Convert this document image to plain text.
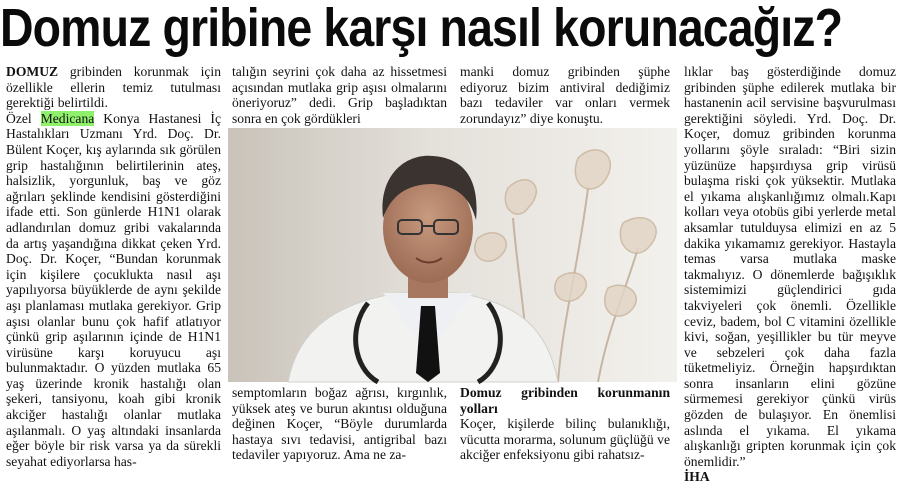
Domuz gribine karşı nasıl korunacağız?

DOMUZ gribinden korunmak için özellikle ellerin temiz tutulması gerektiği belirtildi.
Özel Medicana Konya Hastanesi İç Hastalıkları Uzmanı Yrd. Doç. Dr. Bülent Koçer, kış aylarında sık görülen grip hastalığının belirtilerinin ateş, halsizlik, yorgunluk, baş ve göz ağrıları şeklinde kendisini gösterdiğini ifade etti. Son günlerde H1N1 olarak adlandırılan domuz gribi vakalarında da artış yaşandığına dikkat çeken Yrd. Doç. Dr. Koçer, “Bundan korunmak için kişilere çocuklukta nasıl aşı yapılıyorsa büyüklerde de aynı şekilde aşı planlaması mutlaka gerekiyor. Grip aşısı olanlar bunu çok hafif atlatıyor çünkü grip aşılarının içinde de H1N1 virüsüne karşı koruyucu aşı bulunmaktadır. O yüzden mutlaka 65 yaş üzerinde kronik hastalığı olan şekeri, tansiyonu, koah gibi kronik akciğer hastalığı olanlar mutlaka aşılanmalı. O yaş altındaki insanlarda eğer böyle bir risk varsa ya da sürekli seyahat ediyorlarsa has-

talığın seyrini çok daha az hissetmesi açısından mutlaka grip aşısı olmalarını öneriyoruz” dedi. Grip başladıktan sonra en çok gördükleri
manki domuz gribinden şüphe ediyoruz bizim antiviral dediğimiz bazı tedaviler var onları vermek zorundayız” diye konuştu.
semptomların boğaz ağrısı, kırgınlık, yüksek ateş ve burun akıntısı olduğuna değinen Koçer, “Böyle durumlarda hastaya sıvı tedavisi, antigribal bazı tedaviler yapıyoruz. Ama ne za-

Domuz gribinden korunmanın yolları

Koçer, kişilerde bilinç bulanıklığı, vücutta morarma, solunum güçlüğü ve akciğer enfeksiyonu gibi rahatsız-

lıklar baş gösterdiğinde domuz gribinden şüphe edilerek mutlaka bir hastanenin acil servisine başvurulması gerektiğini söyledi. Yrd. Doç. Dr. Koçer, domuz gribinden korunma yollarını şöyle sıraladı: “Biri sizin yüzünüze hapşırdıysa grip virüsü bulaşma riski çok yüksektir. Mutlaka el yıkama alışkanlığımız olmalı.Kapı kolları veya otobüs gibi yerlerde metal aksamlar tutulduysa elimizi en az 5 dakika yıkamamız gerekiyor. Hastayla temas varsa mutlaka maske takmalıyız. O dönemlerde bağışıklık sistemimizi güçlendirici gıda takviyeleri çok önemli. Özellikle ceviz, badem, bol C vitamini özellikle kivi, soğan, yeşillikler bu tür meyve ve sebzeleri çok daha fazla tüketmeliyiz. Örneğin hapşırdıktan sonra insanların elini gözüne sürmemesi gerekiyor çünkü virüs gözden de bulaşıyor. En önemlisi aslında el yıkama. El yıkama alışkanlığı gripten korunmak için çok önemlidir.”

İHA
